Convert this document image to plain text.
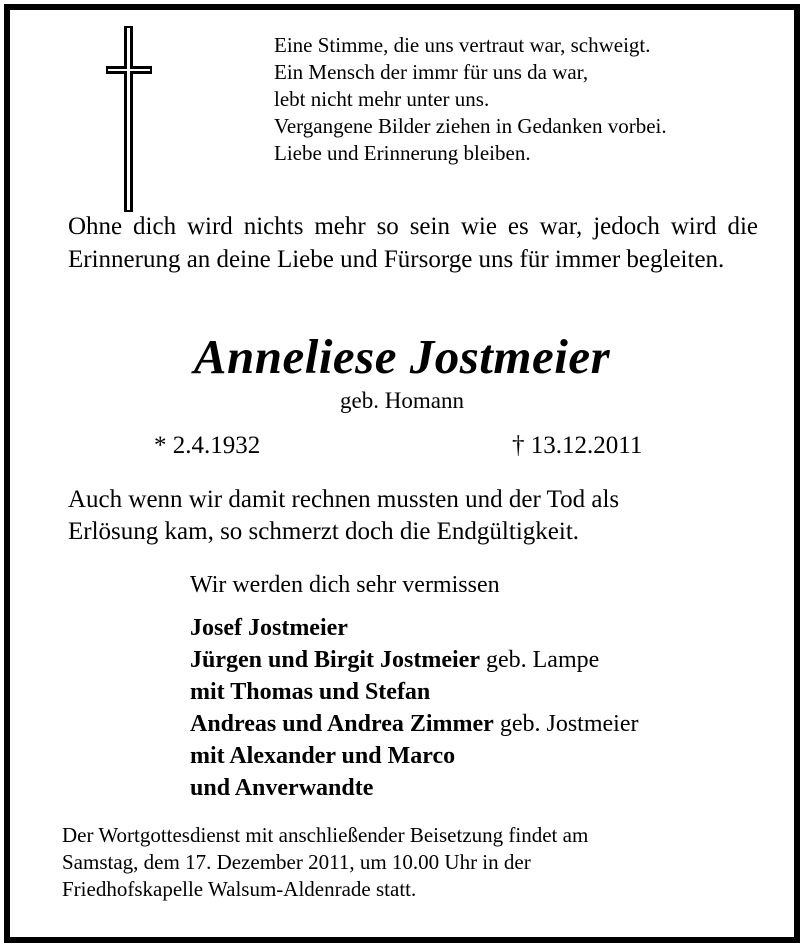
Eine Stimme, die uns vertraut war, schweigt.
Ein Mensch der immr für uns da war,
lebt nicht mehr unter uns.
Vergangene Bilder ziehen in Gedanken vorbei.
Liebe und Erinnerung bleiben.
Ohne dich wird nichts mehr so sein wie es war, jedoch wird die Erinnerung an deine Liebe und Fürsorge uns für immer begleiten.
Anneliese Jostmeier
geb. Homann
* 2.4.1932	† 13.12.2011
Auch wenn wir damit rechnen mussten und der Tod als
Erlösung kam, so schmerzt doch die Endgültigkeit.
Wir werden dich sehr vermissen
Josef Jostmeier
Jürgen und Birgit Jostmeier geb. Lampe
mit Thomas und Stefan
Andreas und Andrea Zimmer geb. Jostmeier
mit Alexander und Marco
und Anverwandte
Der Wortgottesdienst mit anschließender Beisetzung findet am
Samstag, dem 17. Dezember 2011, um 10.00 Uhr in der
Friedhofskapelle Walsum-Aldenrade statt.
